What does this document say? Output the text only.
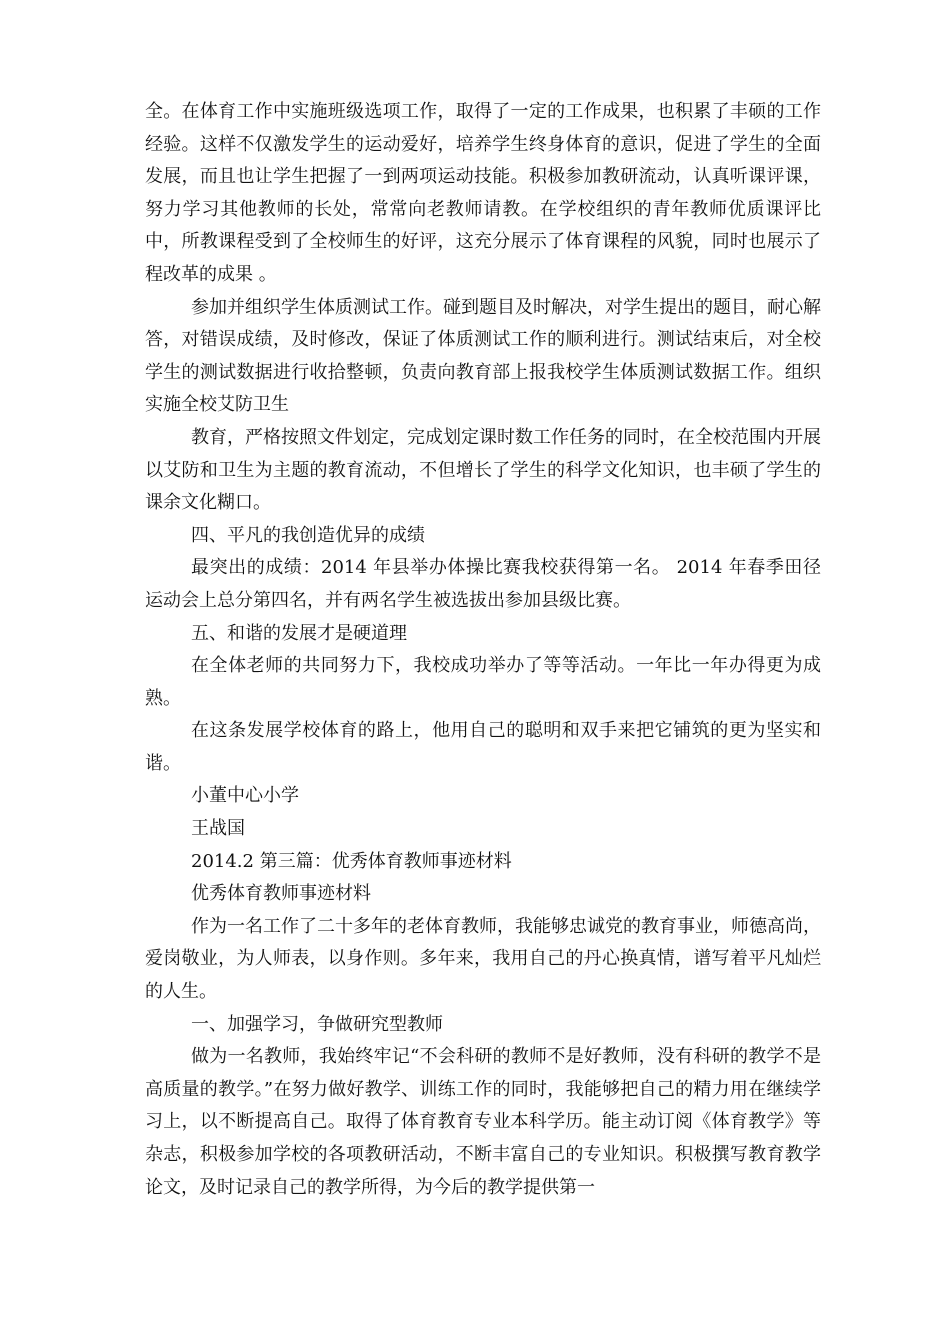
全。在体育工作中实施班级选项工作，取得了一定的工作成果，也积累了丰硕的工作经验。这样不仅激发学生的运动爱好，培养学生终身体育的意识，促进了学生的全面发展，而且也让学生把握了一到两项运动技能。积极参加教研流动，认真听课评课，努力学习其他教师的长处，常常向老教师请教。在学校组织的青年教师优质课评比中，所教课程受到了全校师生的好评，这充分展示了体育课程的风貌，同时也展示了程改革的成果 。

参加并组织学生体质测试工作。碰到题目及时解决，对学生提出的题目，耐心解答，对错误成绩，及时修改，保证了体质测试工作的顺利进行。测试结束后，对全校学生的测试数据进行收拾整顿，负责向教育部上报我校学生体质测试数据工作。组织实施全校艾防卫生

教育，严格按照文件划定，完成划定课时数工作任务的同时，在全校范围内开展以艾防和卫生为主题的教育流动，不但增长了学生的科学文化知识，也丰硕了学生的课余文化糊口。

四、平凡的我创造优异的成绩

最突出的成绩：2014 年县举办体操比赛我校获得第一名。 2014 年春季田径运动会上总分第四名，并有两名学生被选拔出参加县级比赛。

五、和谐的发展才是硬道理

在全体老师的共同努力下，我校成功举办了等等活动。一年比一年办得更为成熟。

在这条发展学校体育的路上，他用自己的聪明和双手来把它铺筑的更为坚实和谐。

小董中心小学

王战国

2014.2 第三篇：优秀体育教师事迹材料

优秀体育教师事迹材料

作为一名工作了二十多年的老体育教师，我能够忠诚党的教育事业，师德高尚，爱岗敬业，为人师表，以身作则。多年来，我用自己的丹心换真情，谱写着平凡灿烂的人生。

一、加强学习，争做研究型教师

做为一名教师，我始终牢记“不会科研的教师不是好教师，没有科研的教学不是高质量的教学。”在努力做好教学、训练工作的同时，我能够把自己的精力用在继续学习上，以不断提高自己。取得了体育教育专业本科学历。能主动订阅《体育教学》等杂志，积极参加学校的各项教研活动，不断丰富自己的专业知识。积极撰写教育教学论文，及时记录自己的教学所得，为今后的教学提供第一
